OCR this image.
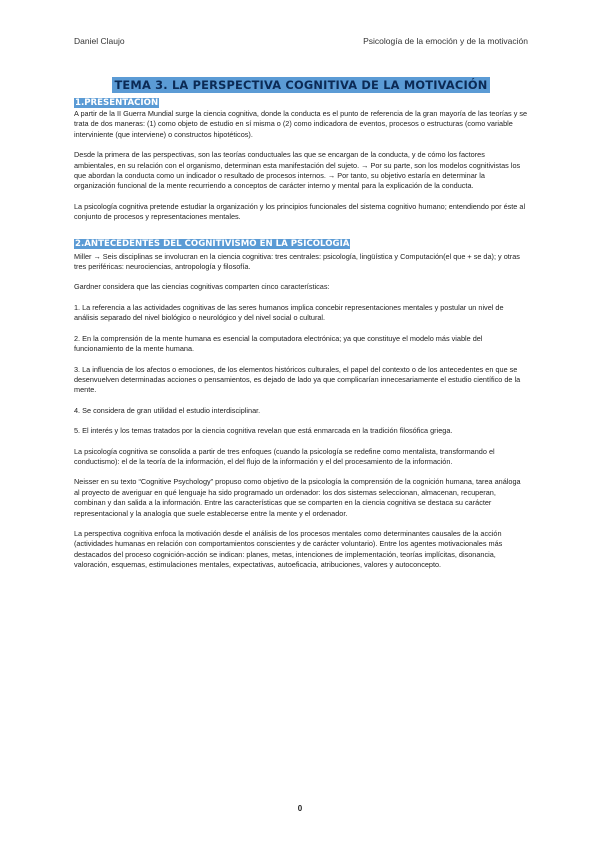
Daniel Claujo	Psicología de la emoción y de la motivación
TEMA 3. LA PERSPECTIVA COGNITIVA DE LA MOTIVACIÓN
1.PRESENTACIÓN

A partir de la II Guerra Mundial surge la ciencia cognitiva, donde la conducta es el punto de referencia de la gran mayoría de las teorías y se trata de dos maneras: (1) como objeto de estudio en sí misma o (2) como indicadora de eventos, procesos o estructuras (como variable interviniente (que interviene) o constructos hipotéticos).

Desde la primera de las perspectivas, son las teorías conductuales las que se encargan de la conducta, y de cómo los factores ambientales, en su relación con el organismo, determinan esta manifestación del sujeto. → Por su parte, son los modelos cognitivistas los que abordan la conducta como un indicador o resultado de procesos internos. → Por tanto, su objetivo estaría en determinar la organización funcional de la mente recurriendo a conceptos de carácter interno y mental para la explicación de la conducta.

La psicología cognitiva pretende estudiar la organización y los principios funcionales del sistema cognitivo humano; entendiendo por éste al conjunto de procesos y representaciones mentales.

2.ANTECEDENTES DEL COGNITIVISMO EN LA PSICOLOGÍA

Miller → Seis disciplinas se involucran en la ciencia cognitiva: tres centrales: psicología, lingüística y Computación(el que + se da); y otras tres periféricas: neurociencias, antropología y filosofía.

Gardner considera que las ciencias cognitivas comparten cinco características:

1. La referencia a las actividades cognitivas de las seres humanos implica concebir representaciones mentales y postular un nivel de análisis separado del nivel biológico o neurológico y del nivel social o cultural.

2. En la comprensión de la mente humana es esencial la computadora electrónica; ya que constituye el modelo más viable del funcionamiento de la mente humana.

3. La influencia de los afectos o emociones, de los elementos históricos culturales, el papel del contexto o de los antecedentes en que se desenvuelven determinadas acciones o pensamientos, es dejado de lado ya que complicarían innecesariamente el estudio científico de la mente.

4. Se considera de gran utilidad el estudio interdisciplinar.

5. El interés y los temas tratados por la ciencia cognitiva revelan que está enmarcada en la tradición filosófica griega.

La psicología cognitiva se consolida a partir de tres enfoques (cuando la psicología se redefine como mentalista, transformando el conductismo): el de la teoría de la información, el del flujo de la información y el del procesamiento de la información.

Neisser en su texto “Cognitive Psychology” propuso como objetivo de la psicología la comprensión de la cognición humana, tarea análoga al proyecto de averiguar en qué lenguaje ha sido programado un ordenador: los dos sistemas seleccionan, almacenan, recuperan, combinan y dan salida a la información. Entre las características que se comparten en la ciencia cognitiva se destaca su carácter representacional y la analogía que suele establecerse entre la mente y el ordenador.

La perspectiva cognitiva enfoca la motivación desde el análisis de los procesos mentales como determinantes causales de la acción (actividades humanas en relación con comportamientos conscientes y de carácter voluntario). Entre los agentes motivacionales más destacados del proceso cognición-acción se indican: planes, metas, intenciones de implementación, teorías implícitas, disonancia, valoración, esquemas, estimulaciones mentales, expectativas, autoeficacia, atribuciones, valores y autoconcepto.

0
